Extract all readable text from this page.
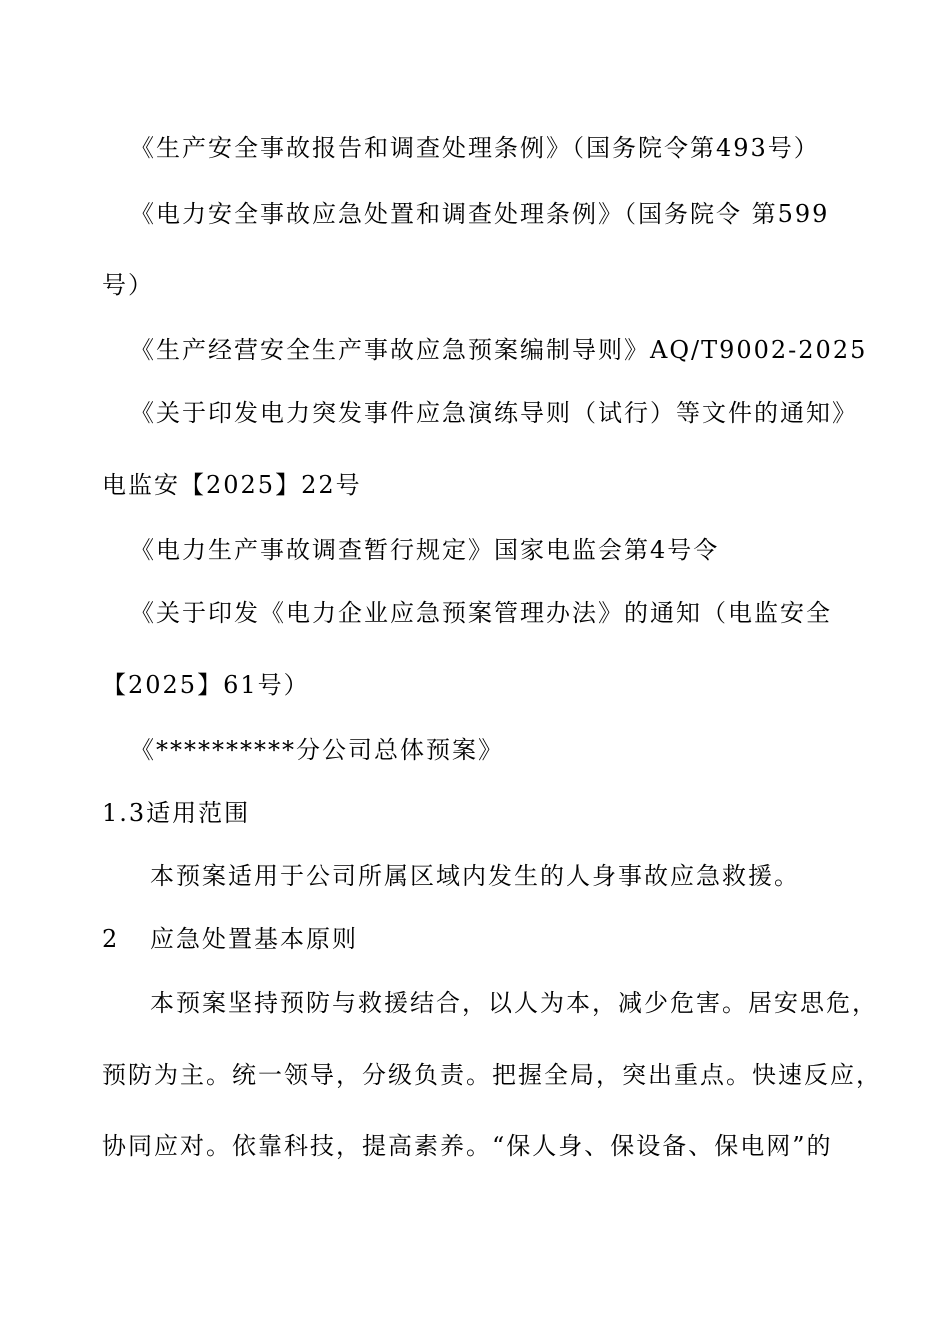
《生产安全事故报告和调查处理条例》（国务院令第493号）
《电力安全事故应急处置和调查处理条例》（国务院令 第599
号）
《生产经营安全生产事故应急预案编制导则》AQ/T9002-2025
《关于印发电力突发事件应急演练导则（试行）等文件的通知》
电监安【2025】22号
《电力生产事故调查暂行规定》国家电监会第4号令
《关于印发《电力企业应急预案管理办法》的通知（电监安全
【2025】61号）
《**********分公司总体预案》
1.3适用范围
本预案适用于公司所属区域内发生的人身事故应急救援。
2 应急处置基本原则
本预案坚持预防与救援结合，以人为本，减少危害。居安思危，
预防为主。统一领导，分级负责。把握全局，突出重点。快速反应，
协同应对。依靠科技，提高素养。“保人身、保设备、保电网”的
